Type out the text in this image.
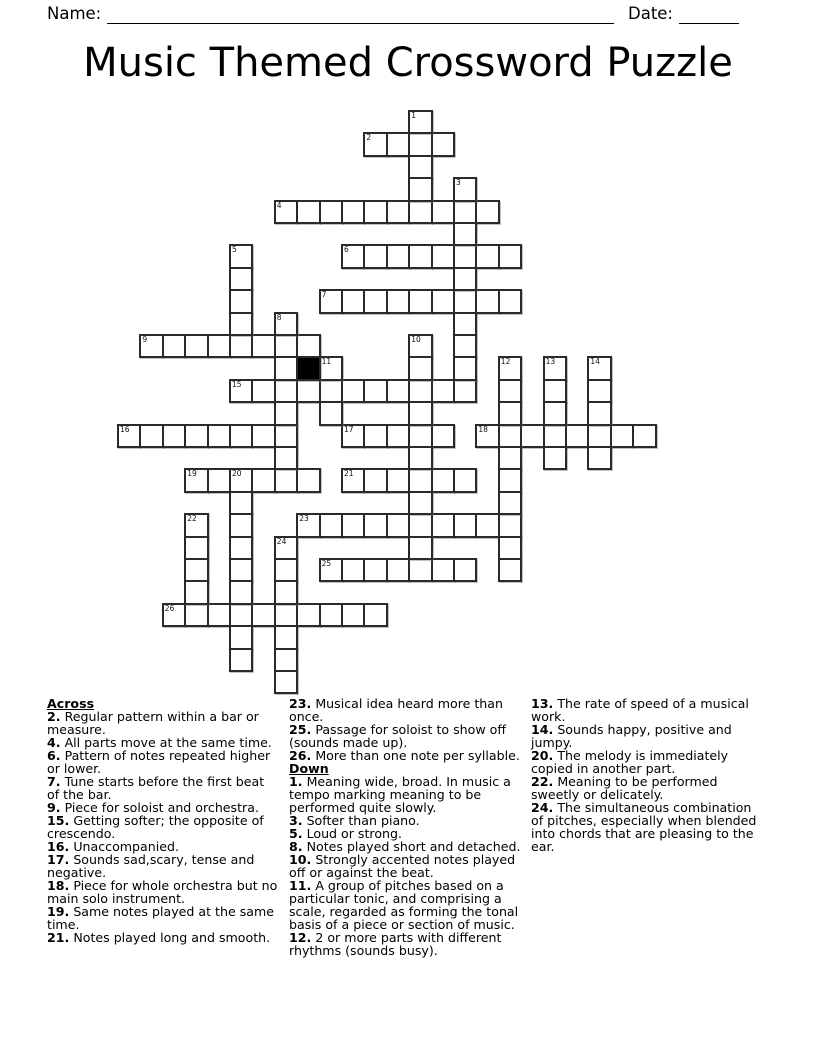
Name:	Date:
Music Themed Crossword Puzzle
2
4
6
7
9
15
16	17	18
19	20	21
23
25
26
1
3
5
8
10
11	12	13	14
22
24

Across

2. Regular pattern within a bar or measure.

4. All parts move at the same time.

6. Pattern of notes repeated higher or lower.

7. Tune starts before the first beat of the bar.

9. Piece for soloist and orchestra.

15. Getting softer; the opposite of crescendo.

16. Unaccompanied.

17. Sounds sad,scary, tense and negative.

18. Piece for whole orchestra but no main solo instrument.

19. Same notes played at the same time.

21. Notes played long and smooth.

23. Musical idea heard more than once.

25. Passage for soloist to show off (sounds made up).

26. More than one note per syllable.

Down

1. Meaning wide, broad. In music a tempo marking meaning to be performed quite slowly.

3. Softer than piano.

5. Loud or strong.

8. Notes played short and detached.

10. Strongly accented notes played off or against the beat.

11. A group of pitches based on a particular tonic, and comprising a scale, regarded as forming the tonal basis of a piece or section of music.

12. 2 or more parts with different rhythms (sounds busy).

13. The rate of speed of a musical work.

14. Sounds happy, positive and jumpy.

20. The melody is immediately copied in another part.

22. Meaning to be performed sweetly or delicately.

24. The simultaneous combination of pitches, especially when blended into chords that are pleasing to the ear.
